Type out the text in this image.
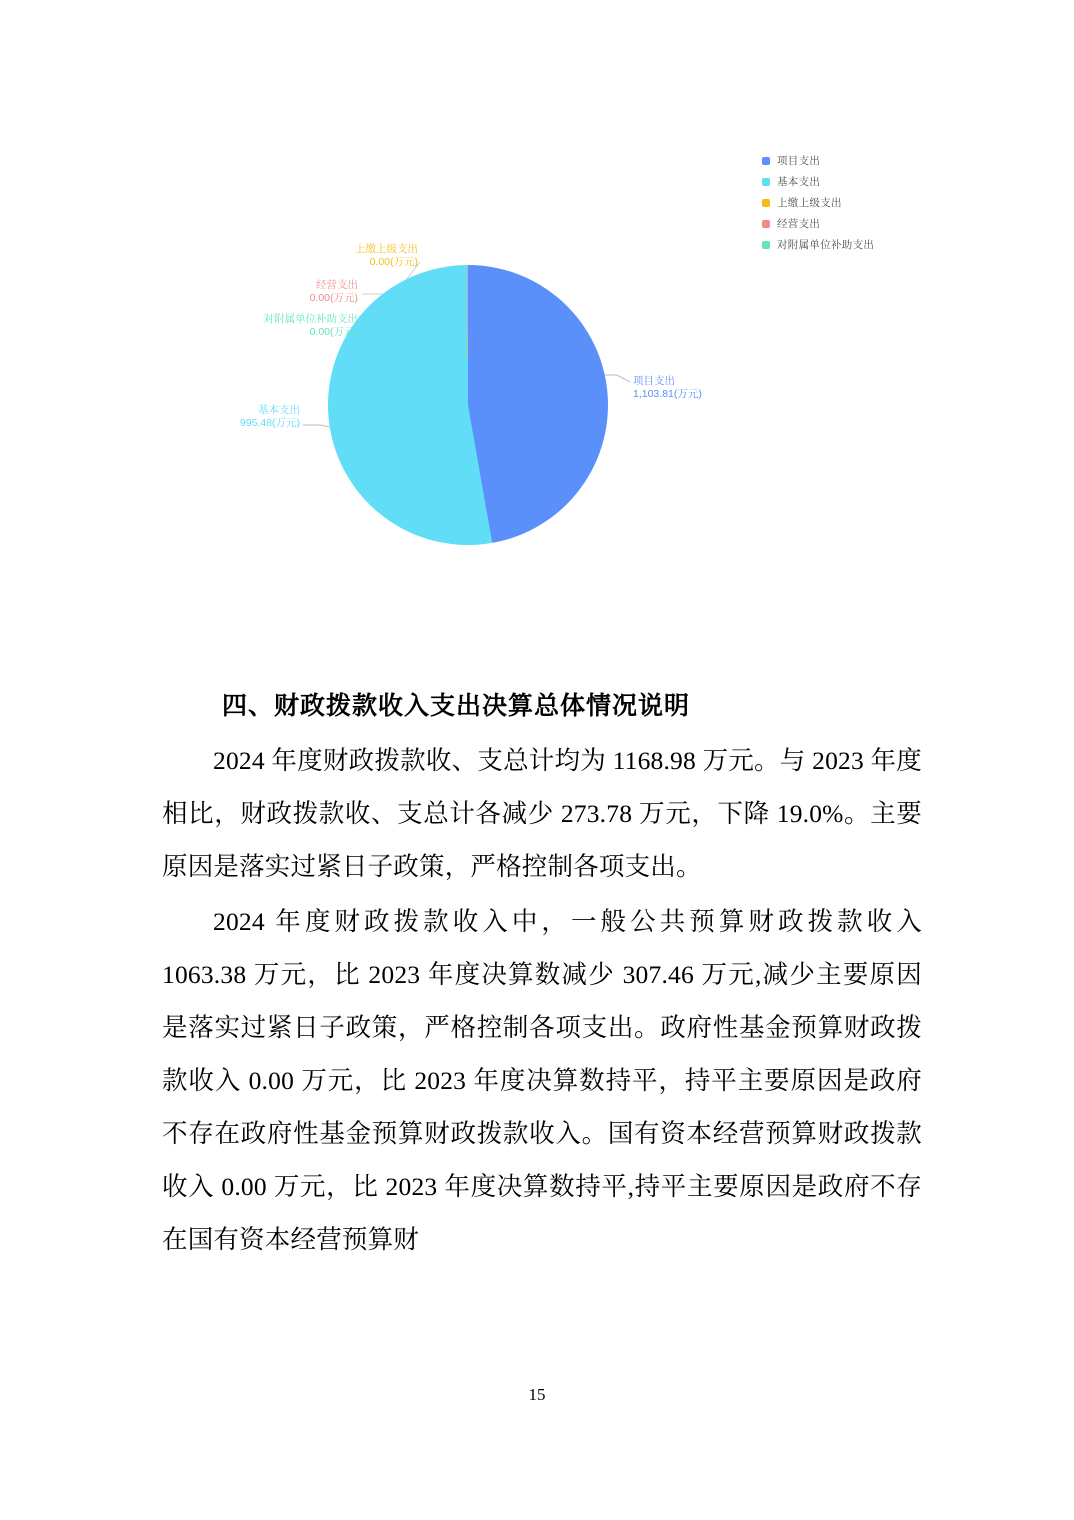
项目支出
基本支出
上缴上级支出
经营支出
对附属单位补助支出
项目支出
1,103.81(万元)
基本支出
995.48(万元)
上缴上级支出
0.00(万元)
经营支出
0.00(万元)
对附属单位补助支出
0.00(万元)
四、财政拨款收入支出决算总体情况说明

2024 年度财政拨款收、支总计均为 1168.98 万元。与 2023 年度相比，财政拨款收、支总计各减少 273.78 万元，下降 19.0%。主要原因是落实过紧日子政策，严格控制各项支出。

2024 年度财政拨款收入中，一般公共预算财政拨款收入 1063.38 万元，比 2023 年度决算数减少 307.46 万元,减少主要原因是落实过紧日子政策，严格控制各项支出。政府性基金预算财政拨款收入 0.00 万元，比 2023 年度决算数持平，持平主要原因是政府不存在政府性基金预算财政拨款收入。国有资本经营预算财政拨款收入 0.00 万元，比 2023 年度决算数持平,持平主要原因是政府不存在国有资本经营预算财

15
